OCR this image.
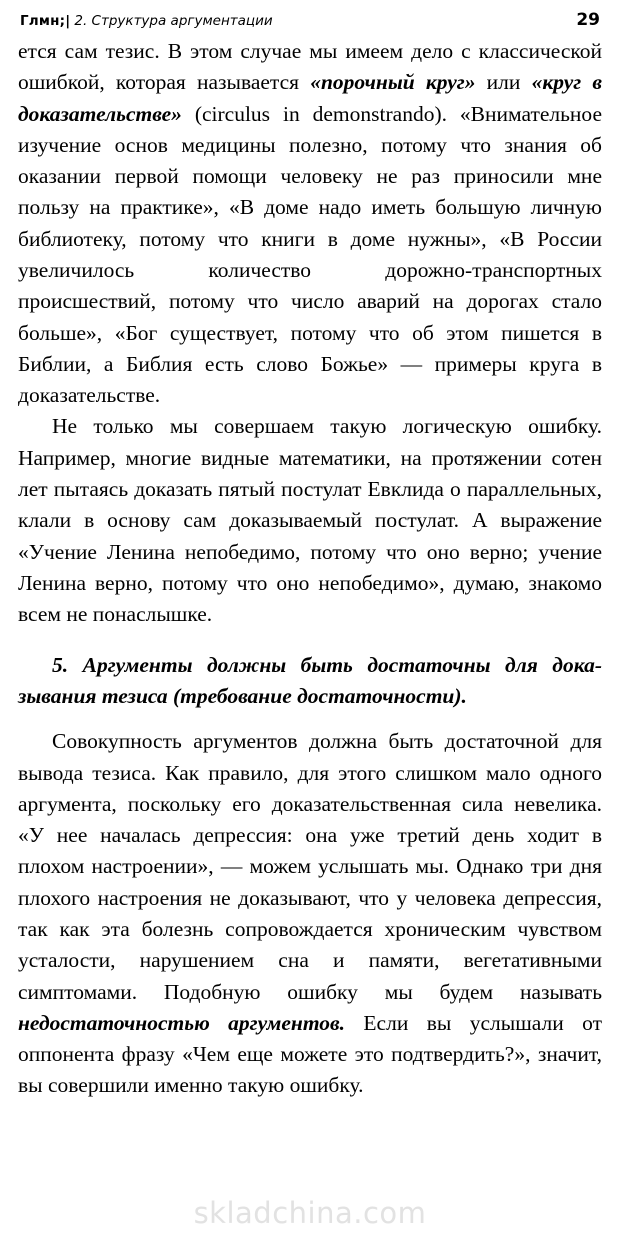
Глмн;| 2. Структура аргументации	29

ется сам тезис. В этом случае мы имеем дело с классической ошибкой, которая называется «порочный круг» или «круг в доказательстве» (circulus in demonstrando). «Внимательное изучение основ медицины полезно, потому что знания об оказании первой помощи человеку не раз приносили мне пользу на практике», «В доме надо иметь большую личную библиотеку, потому что книги в доме нужны», «В России увеличилось количество дорожно-транспортных происшествий, потому что число аварий на дорогах стало больше», «Бог существует, потому что об этом пишется в Библии, а Библия есть слово Божье» — примеры круга в доказательстве.

Не только мы совершаем такую логическую ошибку. Например, многие видные математики, на протяжении сотен лет пытаясь доказать пятый постулат Евклида о параллельных, клали в основу сам доказываемый постулат. А выражение «Учение Ленина непобедимо, потому что оно верно; учение Ленина верно, потому что оно непобедимо», думаю, знакомо всем не понаслышке.

5. Аргументы должны быть достаточны для доказывания тезиса (требование достаточности).

Совокупность аргументов должна быть достаточной для вывода тезиса. Как правило, для этого слишком мало одного аргумента, поскольку его доказательственная сила невелика. «У нее началась депрессия: она уже третий день ходит в плохом настроении», — можем услышать мы. Однако три дня плохого настроения не доказывают, что у человека депрессия, так как эта болезнь сопровождается хроническим чувством усталости, нарушением сна и памяти, вегетативными симптомами. Подобную ошибку мы будем называть недостаточностью аргументов. Если вы услышали от оппонента фразу «Чем еще можете это подтвердить?», значит, вы совершили именно такую ошибку.

skladchina.com
